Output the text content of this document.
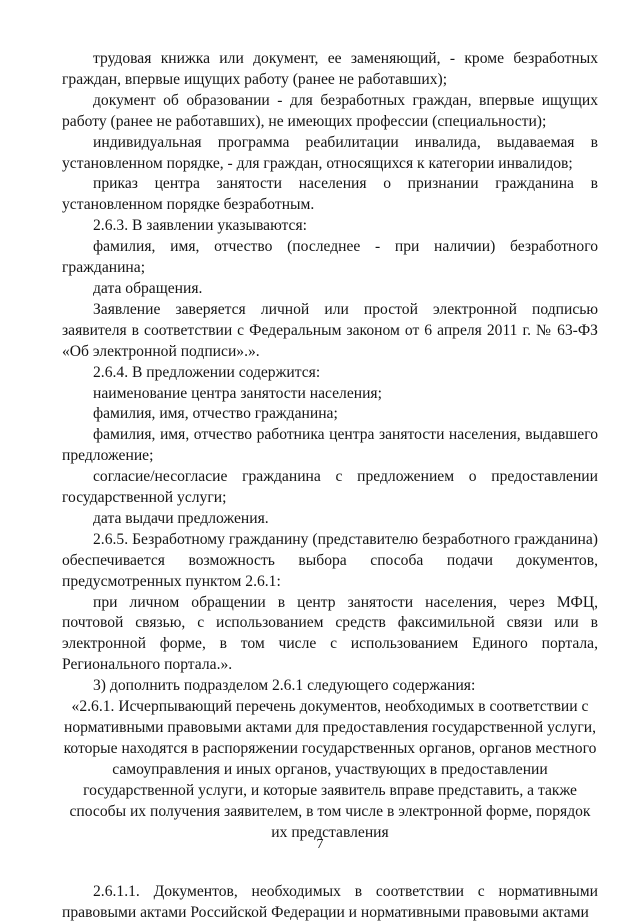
трудовая книжка или документ, ее заменяющий, - кроме безработных граждан, впервые ищущих работу (ранее не работавших);

документ об образовании - для безработных граждан, впервые ищущих работу (ранее не работавших), не имеющих профессии (специальности);

индивидуальная программа реабилитации инвалида, выдаваемая в установленном порядке, - для граждан, относящихся к категории инвалидов;

приказ центра занятости населения о признании гражданина в установленном порядке безработным.

2.6.3. В заявлении указываются:

фамилия, имя, отчество (последнее - при наличии) безработного гражданина;

дата обращения.

Заявление заверяется личной или простой электронной подписью заявителя в соответствии с Федеральным законом от 6 апреля 2011 г. № 63-ФЗ «Об электронной подписи».».

2.6.4. В предложении содержится:

наименование центра занятости населения;

фамилия, имя, отчество гражданина;

фамилия, имя, отчество работника центра занятости населения, выдавшего предложение;

согласие/несогласие гражданина с предложением о предоставлении государственной услуги;

дата выдачи предложения.

2.6.5. Безработному гражданину (представителю безработного гражданина) обеспечивается возможность выбора способа подачи документов, предусмотренных пунктом 2.6.1:

при личном обращении в центр занятости населения, через МФЦ, почтовой связью, с использованием средств факсимильной связи или в электронной форме, в том числе с использованием Единого портала, Регионального портала.».

3) дополнить подразделом 2.6.1 следующего содержания:

«2.6.1. Исчерпывающий перечень документов, необходимых в соответствии с нормативными правовыми актами для предоставления государственной услуги, которые находятся в распоряжении государственных органов, органов местного самоуправления и иных органов, участвующих в предоставлении государственной услуги, и которые заявитель вправе представить, а также способы их получения заявителем, в том числе в электронной форме, порядок их представления

2.6.1.1. Документов, необходимых в соответствии с нормативными правовыми актами Российской Федерации и нормативными правовыми актами

7
